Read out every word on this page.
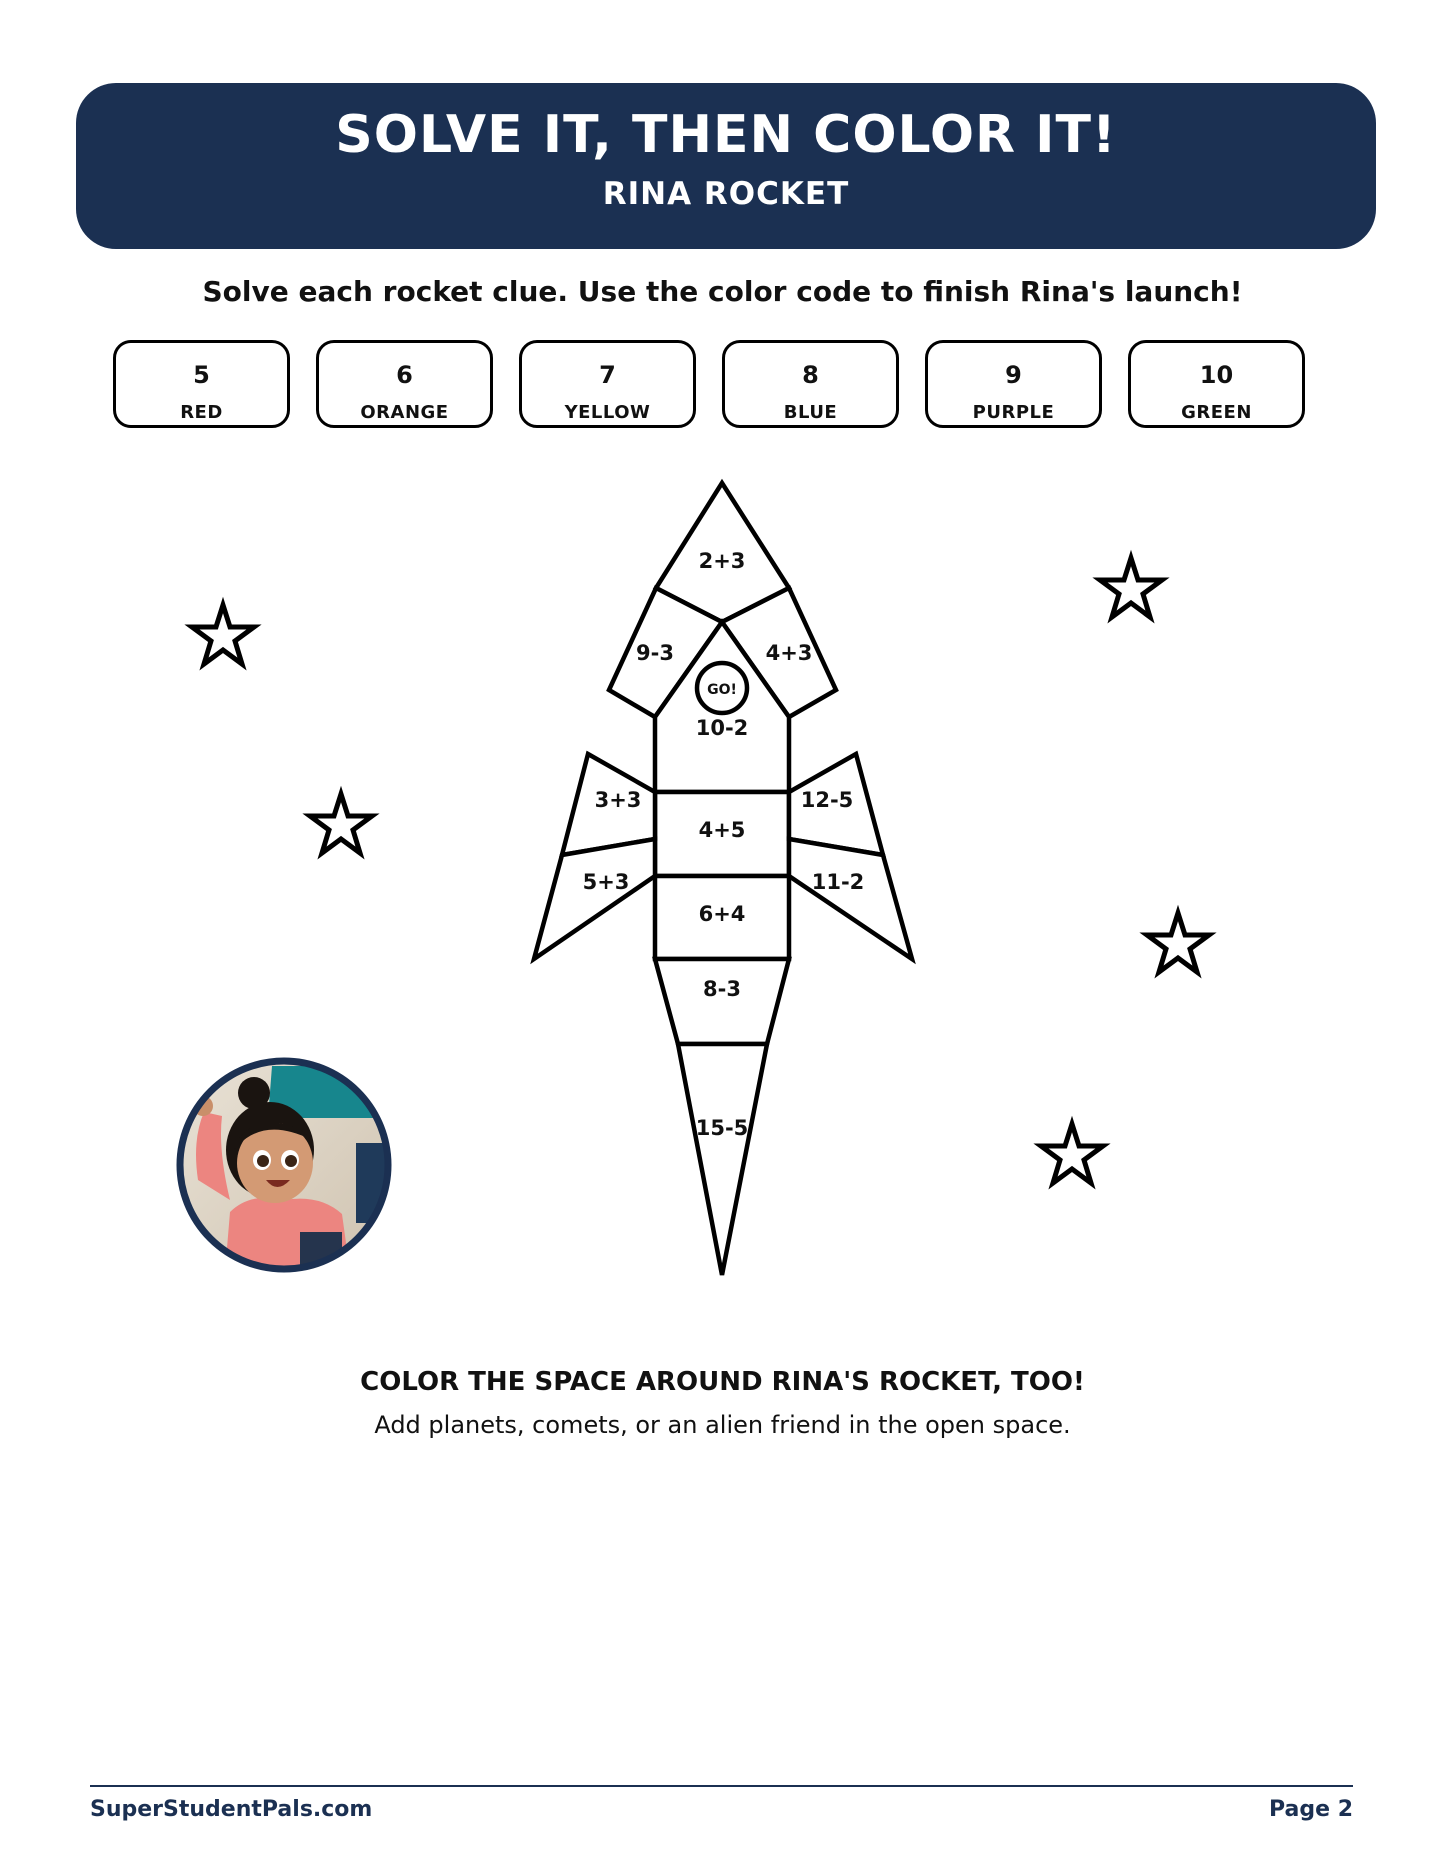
SOLVE IT, THEN COLOR IT!
RINA ROCKET
Solve each rocket clue. Use the color code to finish Rina's launch!
5
RED
6
ORANGE
7
YELLOW
8
BLUE
9
PURPLE
10
GREEN
2+3
9-3	4+3
GO!
10-2
3+3	12-5
4+5
5+3	11-2
6+4
8-3
15-5
COLOR THE SPACE AROUND RINA'S ROCKET, TOO!
Add planets, comets, or an alien friend in the open space.
SuperStudentPals.com	Page 2
